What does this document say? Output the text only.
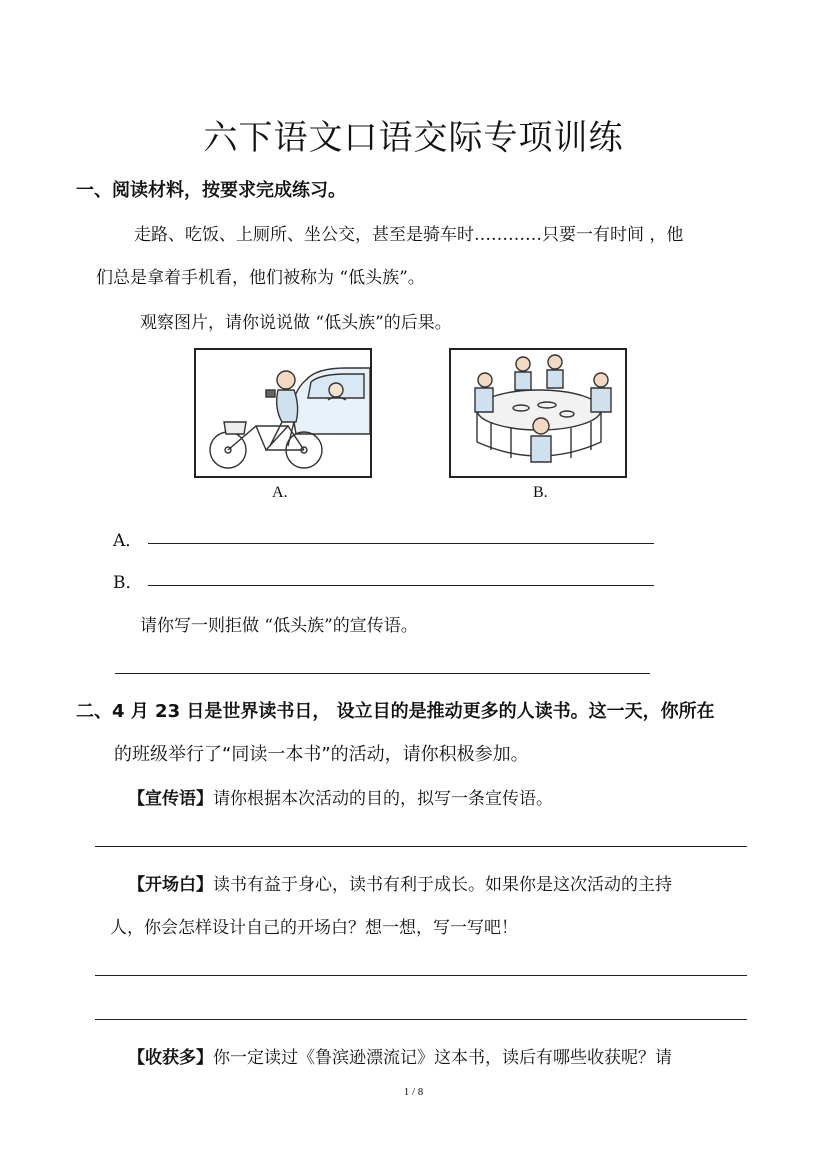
六下语文口语交际专项训练
一、阅读材料，按要求完成练习。
走路、吃饭、上厕所、坐公交，甚至是骑车时…………只要一有时间 ，他
们总是拿着手机看，他们被称为 “低头族”。
观察图片，请你说说做 “低头族”的后果。
A.	B.
A．
B．
请你写一则拒做 “低头族”的宣传语。
二、4 月 23 日是世界读书日， 设立目的是推动更多的人读书。这一天，你所在
的班级举行了“同读一本书”的活动，请你积极参加。
【宣传语】请你根据本次活动的目的，拟写一条宣传语。
【开场白】读书有益于身心，读书有利于成长。如果你是这次活动的主持
人，你会怎样设计自己的开场白？想一想，写一写吧！
【收获多】你一定读过《鲁滨逊漂流记》这本书，读后有哪些收获呢？请
1 / 8
